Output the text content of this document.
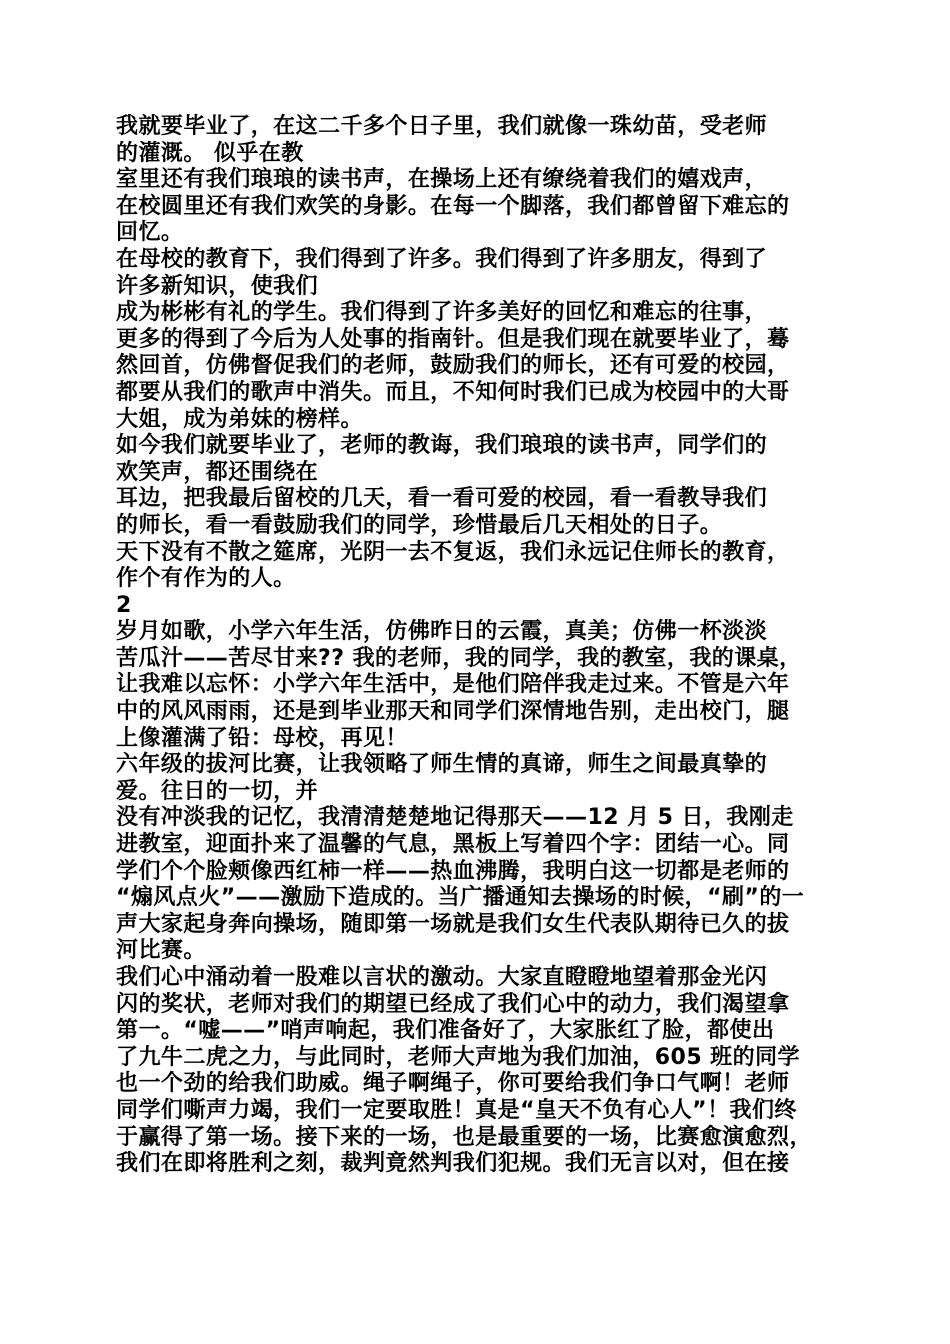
我就要毕业了，在这二千多个日子里，我们就像一珠幼苗，受老师
的灌溉。 似乎在教
室里还有我们琅琅的读书声，在操场上还有缭绕着我们的嬉戏声，
在校圆里还有我们欢笑的身影。在每一个脚落，我们都曾留下难忘的
回忆。
在母校的教育下，我们得到了许多。我们得到了许多朋友，得到了
许多新知识，使我们
成为彬彬有礼的学生。我们得到了许多美好的回忆和难忘的往事，
更多的得到了今后为人处事的指南针。但是我们现在就要毕业了，蓦
然回首，仿佛督促我们的老师，鼓励我们的师长，还有可爱的校园，
都要从我们的歌声中消失。而且，不知何时我们已成为校园中的大哥
大姐，成为弟妹的榜样。
如今我们就要毕业了，老师的教诲，我们琅琅的读书声，同学们的
欢笑声，都还围绕在
耳边，把我最后留校的几天，看一看可爱的校园，看一看教导我们
的师长，看一看鼓励我们的同学，珍惜最后几天相处的日子。
天下没有不散之筵席，光阴一去不复返，我们永远记住师长的教育，
作个有作为的人。
2
岁月如歌，小学六年生活，仿佛昨日的云霞，真美；仿佛一杯淡淡
苦瓜汁——苦尽甘来?? 我的老师，我的同学，我的教室，我的课桌，
让我难以忘怀：小学六年生活中，是他们陪伴我走过来。不管是六年
中的风风雨雨，还是到毕业那天和同学们深情地告别，走出校门，腿
上像灌满了铅：母校，再见！
六年级的拔河比赛，让我领略了师生情的真谛，师生之间最真挚的
爱。往日的一切，并
没有冲淡我的记忆，我清清楚楚地记得那天——12 月 5 日，我刚走
进教室，迎面扑来了温馨的气息，黑板上写着四个字：团结一心。同
学们个个脸颊像西红柿一样——热血沸腾，我明白这一切都是老师的
“煽风点火”——激励下造成的。当广播通知去操场的时候，“刷”的一
声大家起身奔向操场，随即第一场就是我们女生代表队期待已久的拔
河比赛。
我们心中涌动着一股难以言状的激动。大家直瞪瞪地望着那金光闪
闪的奖状，老师对我们的期望已经成了我们心中的动力，我们渴望拿
第一。“嘘——”哨声响起，我们准备好了，大家胀红了脸，都使出
了九牛二虎之力，与此同时，老师大声地为我们加油，605 班的同学
也一个劲的给我们助威。绳子啊绳子，你可要给我们争口气啊！老师
同学们嘶声力竭，我们一定要取胜！真是“皇天不负有心人”！我们终
于赢得了第一场。接下来的一场，也是最重要的一场，比赛愈演愈烈，
我们在即将胜利之刻，裁判竟然判我们犯规。我们无言以对，但在接
